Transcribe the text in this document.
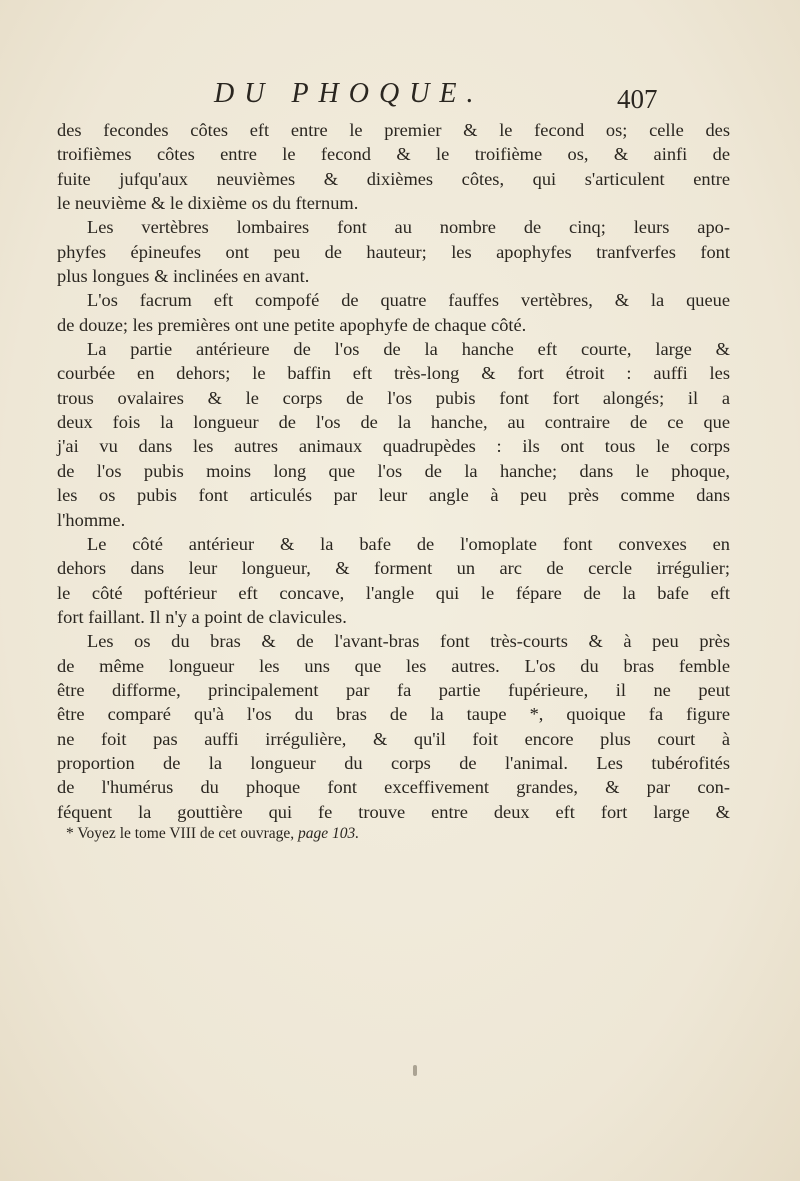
DU PHOQUE.	407
des fecondes côtes eft entre le premier & le fecond os; celle des
troifièmes côtes entre le fecond & le troifième os, & ainfi de
fuite jufqu'aux neuvièmes & dixièmes côtes, qui s'articulent entre
le neuvième & le dixième os du fternum.
Les vertèbres lombaires font au nombre de cinq; leurs apo-
phyfes épineufes ont peu de hauteur; les apophyfes tranfverfes font
plus longues & inclinées en avant.
L'os facrum eft compofé de quatre fauffes vertèbres, & la queue
de douze; les premières ont une petite apophyfe de chaque côté.
La partie antérieure de l'os de la hanche eft courte, large &
courbée en dehors; le baffin eft très-long & fort étroit : auffi les
trous ovalaires & le corps de l'os pubis font fort alongés; il a
deux fois la longueur de l'os de la hanche, au contraire de ce que
j'ai vu dans les autres animaux quadrupèdes : ils ont tous le corps
de l'os pubis moins long que l'os de la hanche; dans le phoque,
les os pubis font articulés par leur angle à peu près comme dans
l'homme.
Le côté antérieur & la bafe de l'omoplate font convexes en
dehors dans leur longueur, & forment un arc de cercle irrégulier;
le côté poftérieur eft concave, l'angle qui le fépare de la bafe eft
fort faillant. Il n'y a point de clavicules.
Les os du bras & de l'avant-bras font très-courts & à peu près
de même longueur les uns que les autres. L'os du bras femble
être difforme, principalement par fa partie fupérieure, il ne peut
être comparé qu'à l'os du bras de la taupe *, quoique fa figure
ne foit pas auffi irrégulière, & qu'il foit encore plus court à
proportion de la longueur du corps de l'animal. Les tubérofités
de l'humérus du phoque font exceffivement grandes, & par con-
féquent la gouttière qui fe trouve entre deux eft fort large &
* Voyez le tome VIII de cet ouvrage, page 103.
